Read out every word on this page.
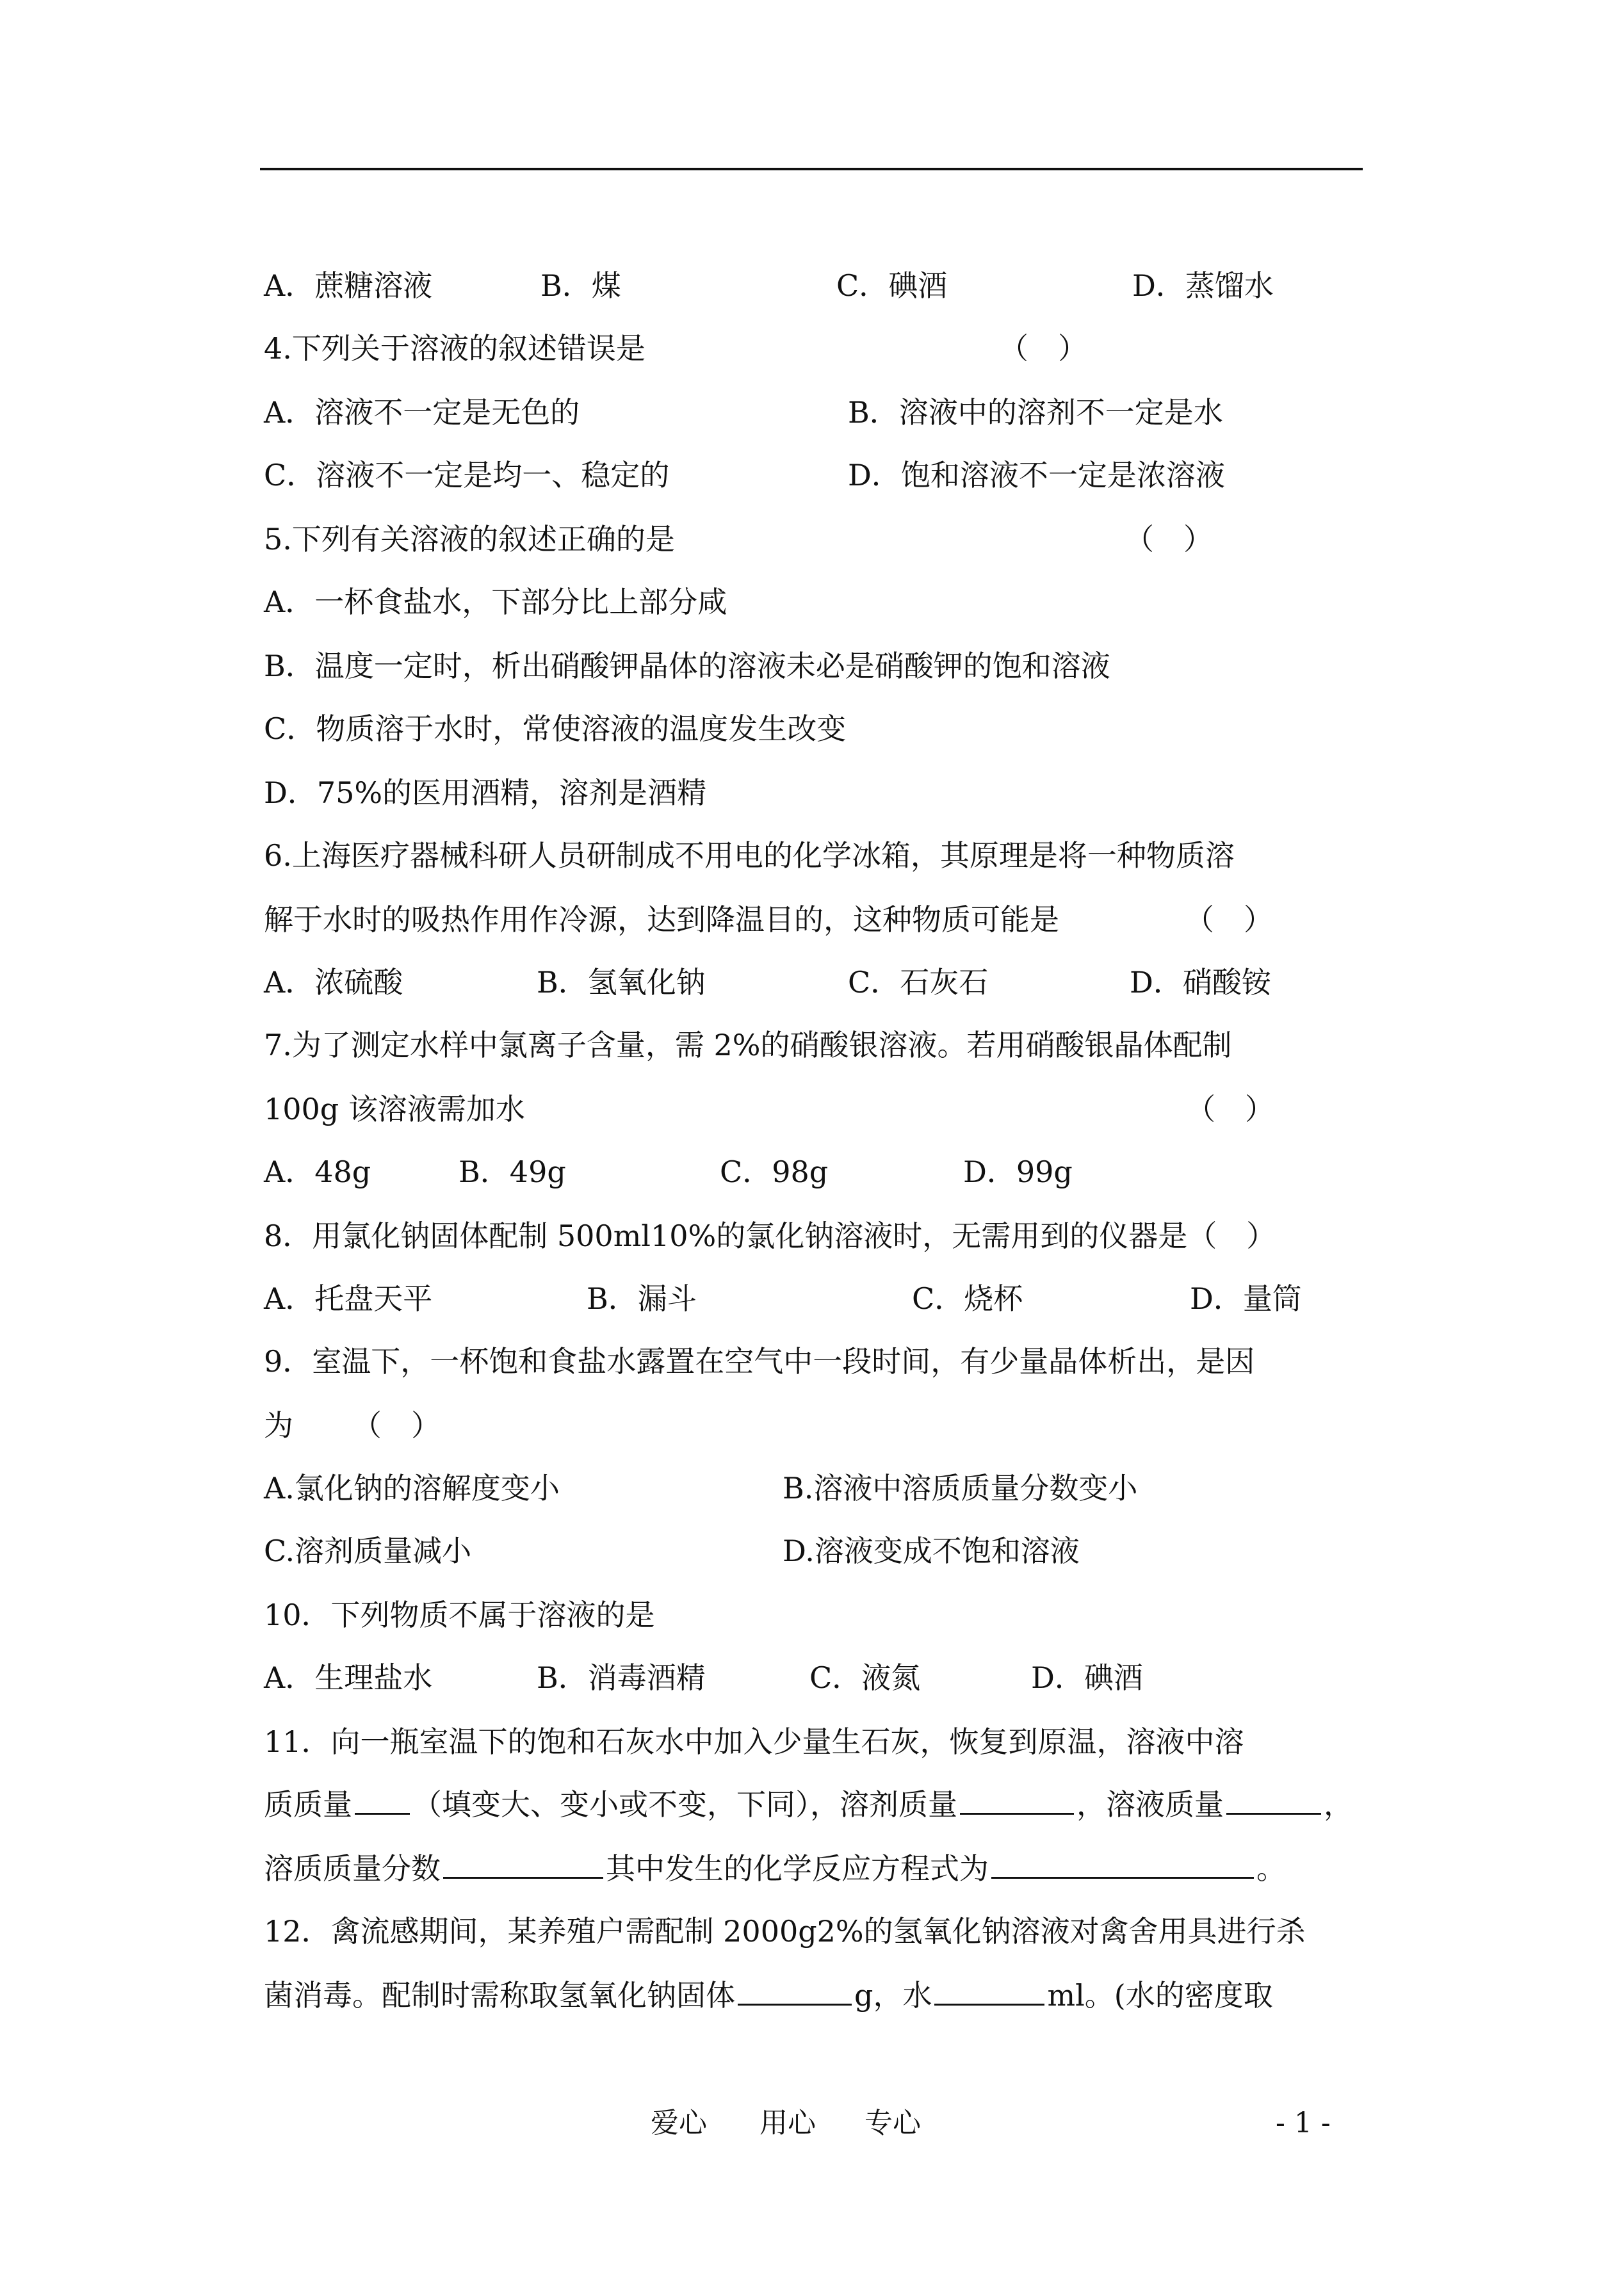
A．蔗糖溶液	B．煤	C．碘酒	D．蒸馏水
4.下列关于溶液的叙述错误是	（　）
A．溶液不一定是无色的	B．溶液中的溶剂不一定是水
C．溶液不一定是均一、稳定的	D．饱和溶液不一定是浓溶液
5.下列有关溶液的叙述正确的是	（　）
A．一杯食盐水，下部分比上部分咸
B．温度一定时，析出硝酸钾晶体的溶液未必是硝酸钾的饱和溶液
C．物质溶于水时，常使溶液的温度发生改变
D．75%的医用酒精，溶剂是酒精
6.上海医疗器械科研人员研制成不用电的化学冰箱，其原理是将一种物质溶
解于水时的吸热作用作冷源，达到降温目的，这种物质可能是	（　）
A．浓硫酸	B．氢氧化钠	C．石灰石	D．硝酸铵
7.为了测定水样中氯离子含量，需 2%的硝酸银溶液。若用硝酸银晶体配制
100g 该溶液需加水	（　）
A．48g	B．49g	C．98g	D．99g
8．用氯化钠固体配制 500ml10%的氯化钠溶液时，无需用到的仪器是（　）
A．托盘天平	B．漏斗	C．烧杯	D．量筒
9．室温下，一杯饱和食盐水露置在空气中一段时间，有少量晶体析出，是因
为 （　）
A.氯化钠的溶解度变小	B.溶液中溶质质量分数变小
C.溶剂质量减小	D.溶液变成不饱和溶液
10．下列物质不属于溶液的是
A．生理盐水	B．消毒酒精	C．液氮	D．碘酒
11．向一瓶室温下的饱和石灰水中加入少量生石灰，恢复到原温，溶液中溶
质质量 （填变大、变小或不变，下同），溶剂质量	，溶液质量	，
溶质质量分数	其中发生的化学反应方程式为	。
12．禽流感期间，某养殖户需配制 2000g2%的氢氧化钠溶液对禽舍用具进行杀
菌消毒。配制时需称取氢氧化钠固体	g，水	ml。(水的密度取
爱心 用心 专心	- 1 -
